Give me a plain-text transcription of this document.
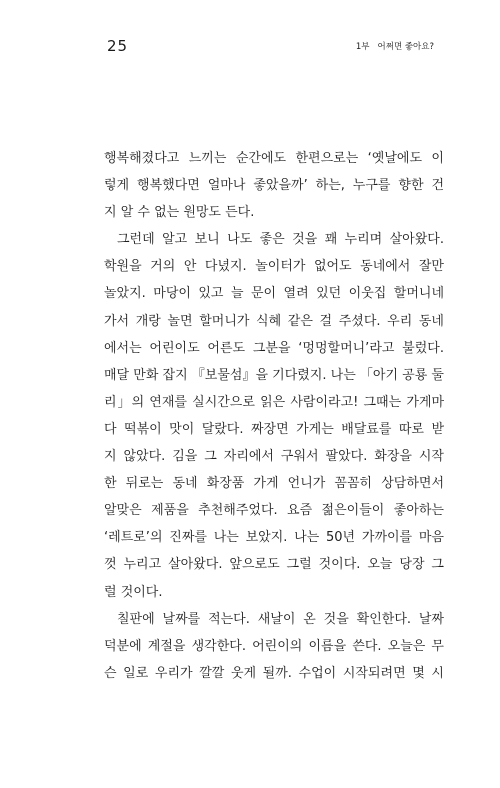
25	1부 어쩌면 좋아요?
행복해졌다고 느끼는 순간에도 한편으로는 ‘옛날에도 이
렇게 행복했다면 얼마나 좋았을까’ 하는, 누구를 향한 건
지 알 수 없는 원망도 든다.
그런데 알고 보니 나도 좋은 것을 꽤 누리며 살아왔다.
학원을 거의 안 다녔지. 놀이터가 없어도 동네에서 잘만
놀았지. 마당이 있고 늘 문이 열려 있던 이웃집 할머니네
가서 개랑 놀면 할머니가 식혜 같은 걸 주셨다. 우리 동네
에서는 어린이도 어른도 그분을 ‘멍멍할머니’라고 불렀다.
매달 만화 잡지 『보물섬』을 기다렸지. 나는 「아기 공룡 둘
리」의 연재를 실시간으로 읽은 사람이라고! 그때는 가게마
다 떡볶이 맛이 달랐다. 짜장면 가게는 배달료를 따로 받
지 않았다. 김을 그 자리에서 구워서 팔았다. 화장을 시작
한 뒤로는 동네 화장품 가게 언니가 꼼꼼히 상담하면서
알맞은 제품을 추천해주었다. 요즘 젊은이들이 좋아하는
‘레트로’의 진짜를 나는 보았지. 나는 50년 가까이를 마음
껏 누리고 살아왔다. 앞으로도 그럴 것이다. 오늘 당장 그
럴 것이다.
칠판에 날짜를 적는다. 새날이 온 것을 확인한다. 날짜
덕분에 계절을 생각한다. 어린이의 이름을 쓴다. 오늘은 무
슨 일로 우리가 깔깔 웃게 될까. 수업이 시작되려면 몇 시
